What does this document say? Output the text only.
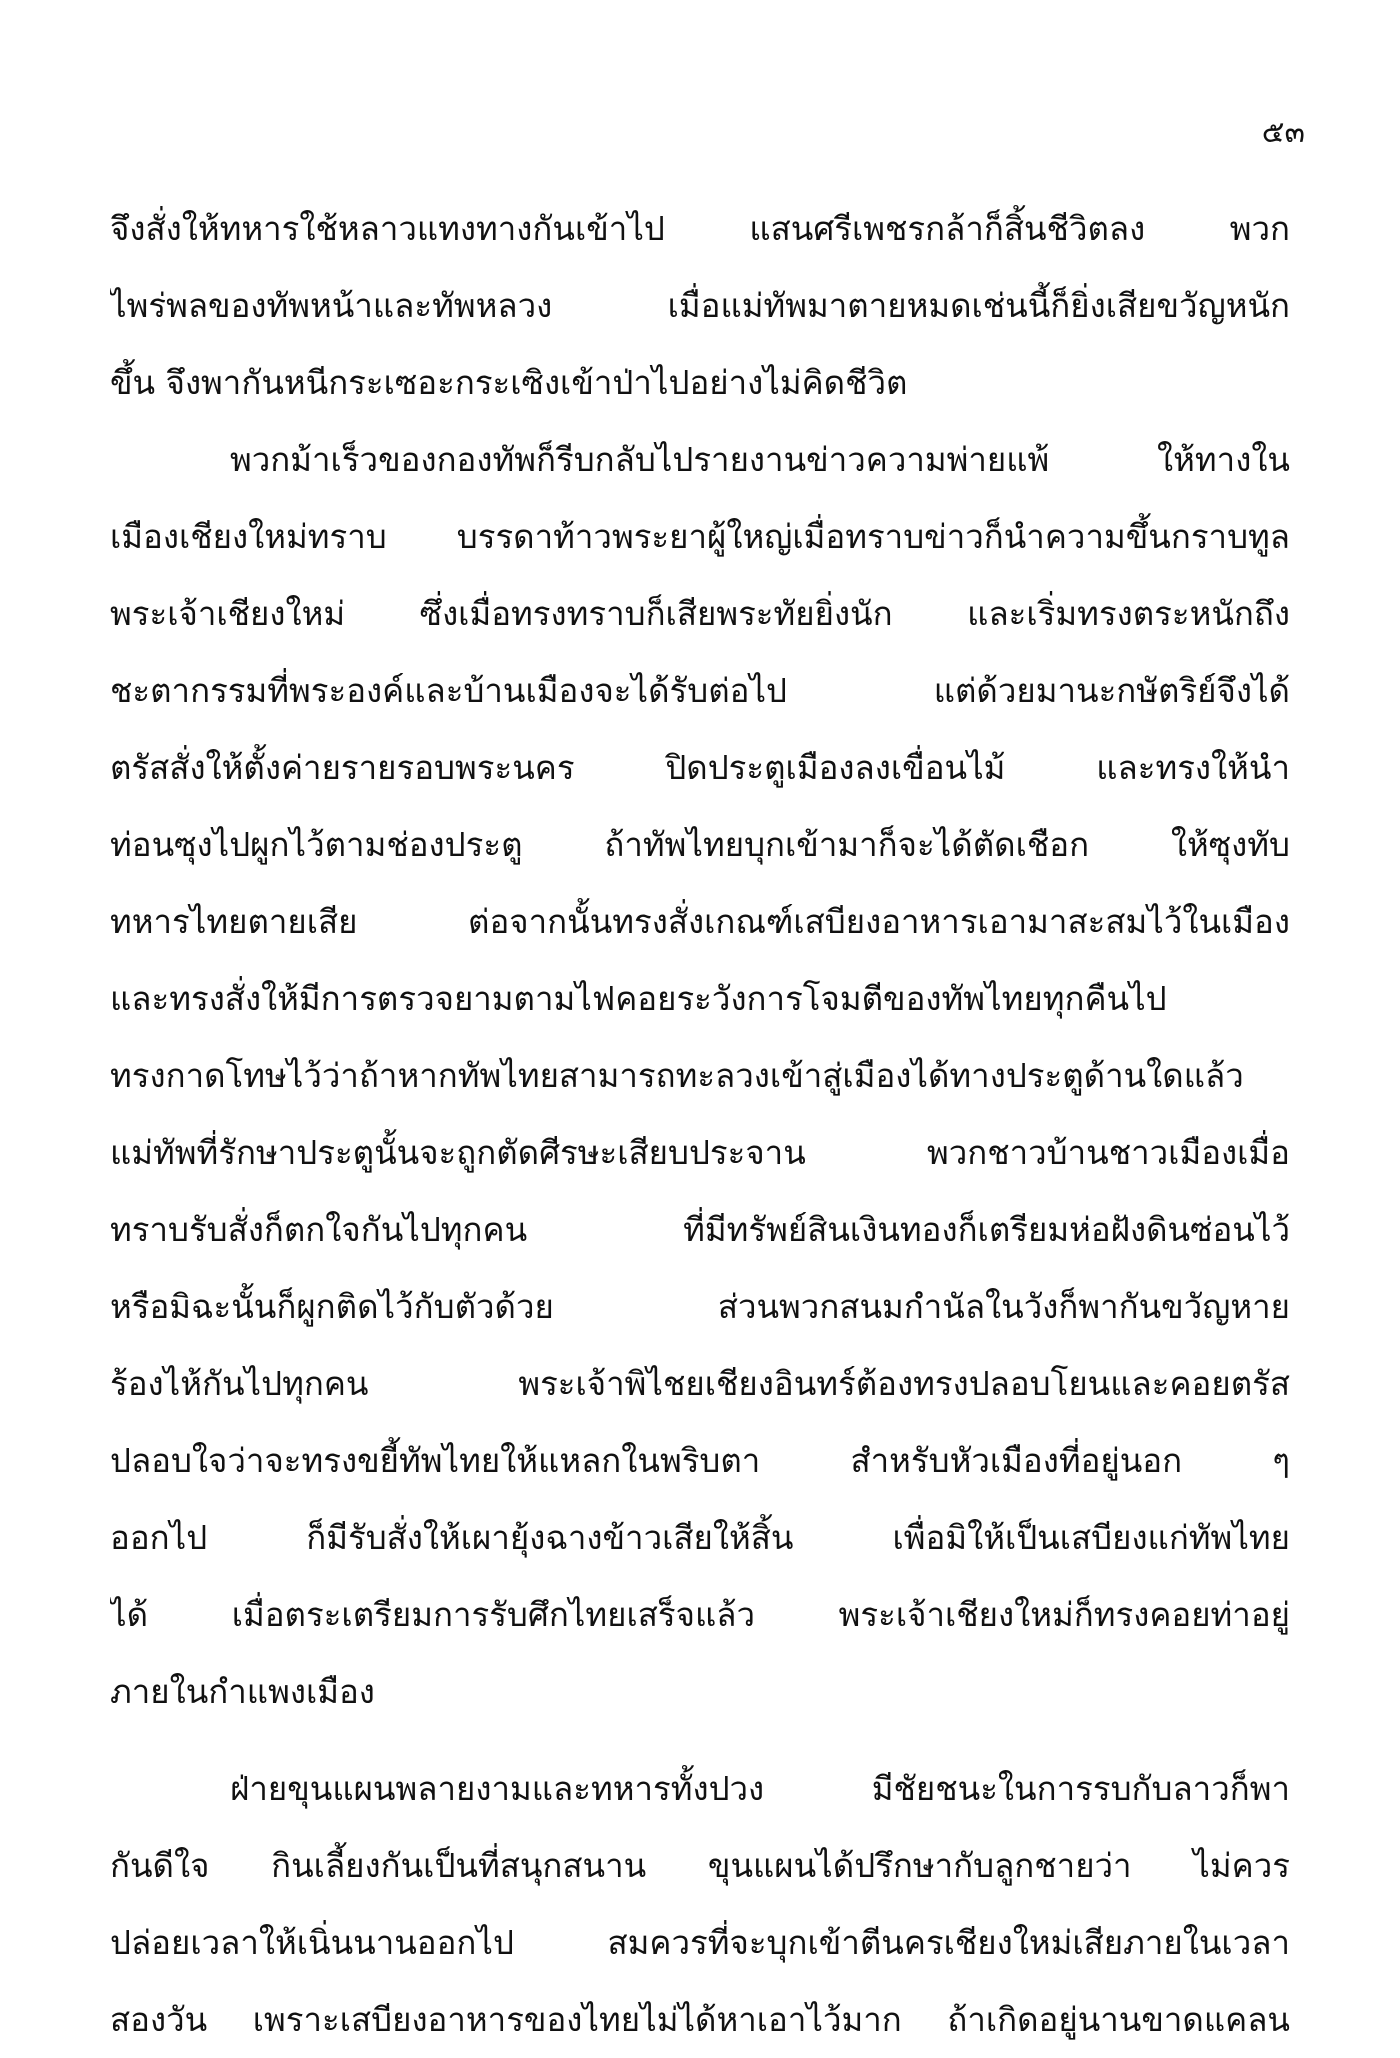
๕๓
จึงสั่งให้ทหารใช้หลาวแทงทางกันเข้าไป แสนศรีเพชรกล้าก็สิ้นชีวิตลง พวก
ไพร่พลของทัพหน้าและทัพหลวง เมื่อแม่ทัพมาตายหมดเช่นนี้ก็ยิ่งเสียขวัญหนัก
ขึ้น จึงพากันหนีกระเซอะกระเซิงเข้าป่าไปอย่างไม่คิดชีวิต
พวกม้าเร็วของกองทัพก็รีบกลับไปรายงานข่าวความพ่ายแพ้ ให้ทางใน
เมืองเชียงใหม่ทราบ บรรดาท้าวพระยาผู้ใหญ่เมื่อทราบข่าวก็นำความขึ้นกราบทูล
พระเจ้าเชียงใหม่ ซึ่งเมื่อทรงทราบก็เสียพระทัยยิ่งนัก และเริ่มทรงตระหนักถึง
ชะตากรรมที่พระองค์และบ้านเมืองจะได้รับต่อไป แต่ด้วยมานะกษัตริย์จึงได้
ตรัสสั่งให้ตั้งค่ายรายรอบพระนคร ปิดประตูเมืองลงเขื่อนไม้ และทรงให้นำ
ท่อนซุงไปผูกไว้ตามช่องประตู ถ้าทัพไทยบุกเข้ามาก็จะได้ตัดเชือก ให้ซุงทับ
ทหารไทยตายเสีย ต่อจากนั้นทรงสั่งเกณฑ์เสบียงอาหารเอามาสะสมไว้ในเมือง
และทรงสั่งให้มีการตรวจยามตามไฟคอยระวังการโจมตีของทัพไทยทุกคืนไป
ทรงกาดโทษไว้ว่าถ้าหากทัพไทยสามารถทะลวงเข้าสู่เมืองได้ทางประตูด้านใดแล้ว
แม่ทัพที่รักษาประตูนั้นจะถูกตัดศีรษะเสียบประจาน พวกชาวบ้านชาวเมืองเมื่อ
ทราบรับสั่งก็ตกใจกันไปทุกคน ที่มีทรัพย์สินเงินทองก็เตรียมห่อฝังดินซ่อนไว้
หรือมิฉะนั้นก็ผูกติดไว้กับตัวด้วย ส่วนพวกสนมกำนัลในวังก็พากันขวัญหาย
ร้องไห้กันไปทุกคน พระเจ้าพิไชยเชียงอินทร์ต้องทรงปลอบโยนและคอยตรัส
ปลอบใจว่าจะทรงขยี้ทัพไทยให้แหลกในพริบตา สำหรับหัวเมืองที่อยู่นอก ๆ
ออกไป ก็มีรับสั่งให้เผายุ้งฉางข้าวเสียให้สิ้น เพื่อมิให้เป็นเสบียงแก่ทัพไทย
ได้ เมื่อตระเตรียมการรับศึกไทยเสร็จแล้ว พระเจ้าเชียงใหม่ก็ทรงคอยท่าอยู่
ภายในกำแพงเมือง
ฝ่ายขุนแผนพลายงามและทหารทั้งปวง มีชัยชนะในการรบกับลาวก็พา
กันดีใจ กินเลี้ยงกันเป็นที่สนุกสนาน ขุนแผนได้ปรึกษากับลูกชายว่า ไม่ควร
ปล่อยเวลาให้เนิ่นนานออกไป สมควรที่จะบุกเข้าตีนครเชียงใหม่เสียภายในเวลา
สองวัน เพราะเสบียงอาหารของไทยไม่ได้หาเอาไว้มาก ถ้าเกิดอยู่นานขาดแคลน
